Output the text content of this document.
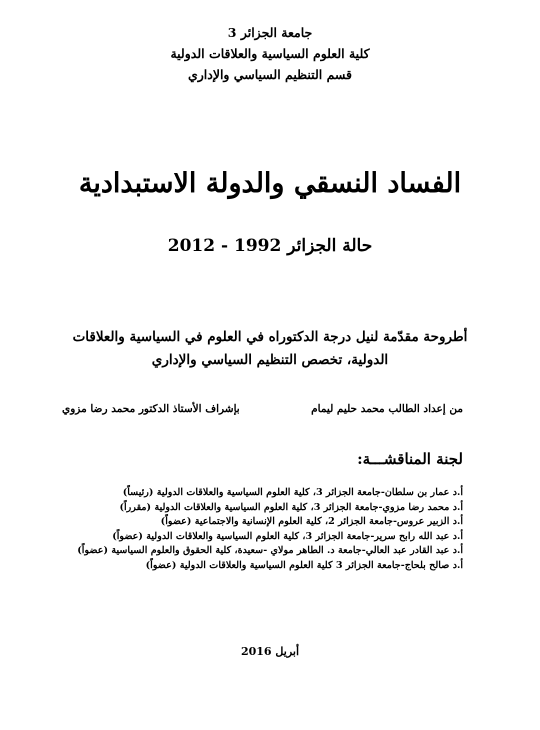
جامعة الجزائر 3
كلية العلوم السياسية والعلاقات الدولية
قسم التنظيم السياسي والإداري
الفساد النسقي والدولة الاستبدادية
حالة الجزائر 1992 - 2012
أطروحة مقدّمة لنيل درجة الدكتوراه في العلوم في السياسية والعلاقات
الدولية، تخصص التنظيم السياسي والإداري
من إعداد الطالب محمد حليم ليمام
بإشراف الأستاذ الدكتور محمد رضا مزوي
لجنة المناقشـــة:
أ.د عمار بن سلطان-جامعة الجزائر 3، كلية العلوم السياسية والعلاقات الدولية (رئيساً)
أ.د محمد رضا مزوي-جامعة الجزائر 3، كلية العلوم السياسية والعلاقات الدولية (مقرراً)
أ.د الزبير عروس-جامعة الجزائر 2، كلية العلوم الإنسانية والاجتماعية (عضواً)
أ.د عبد الله رابح سرير-جامعة الجزائر 3، كلية العلوم السياسية والعلاقات الدولية (عضواً)
أ.د عبد القادر عبد العالي-جامعة د. الطاهر مولاي -سعيدة، كلية الحقوق والعلوم السياسية (عضواً)
أ.د صالح بلحاج-جامعة الجزائر 3 كلية العلوم السياسية والعلاقات الدولية (عضواً)
أبريل 2016
